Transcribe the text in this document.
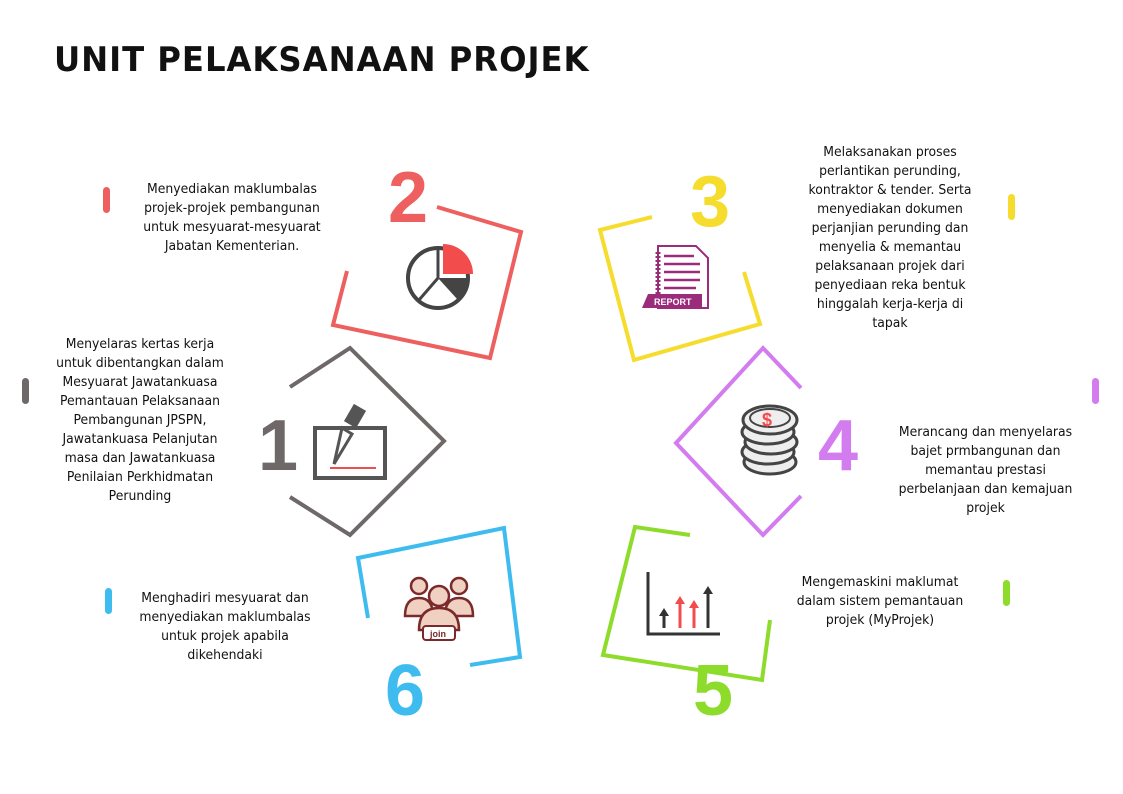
UNIT PELAKSANAAN PROJEK
2	3
1	4
6	5
Menyediakan maklumbalas projek-projek pembangunan untuk mesyuarat-mesyuarat Jabatan Kementerian.
Menyelaras kertas kerja untuk dibentangkan dalam Mesyuarat Jawatankuasa Pemantauan Pelaksanaan Pembangunan JPSPN, Jawatankuasa Pelanjutan masa dan Jawatankuasa Penilaian Perkhidmatan Perunding
Menghadiri mesyuarat dan menyediakan maklumbalas untuk projek apabila dikehendaki
Melaksanakan proses perlantikan perunding, kontraktor & tender. Serta menyediakan dokumen perjanjian perunding dan menyelia & memantau pelaksanaan projek dari penyediaan reka bentuk hinggalah kerja-kerja di tapak
Merancang dan menyelaras bajet prmbangunan dan memantau prestasi perbelanjaan dan kemajuan projek
Mengemaskini maklumat dalam sistem pemantauan projek (MyProjek)
REPORT
$
join
